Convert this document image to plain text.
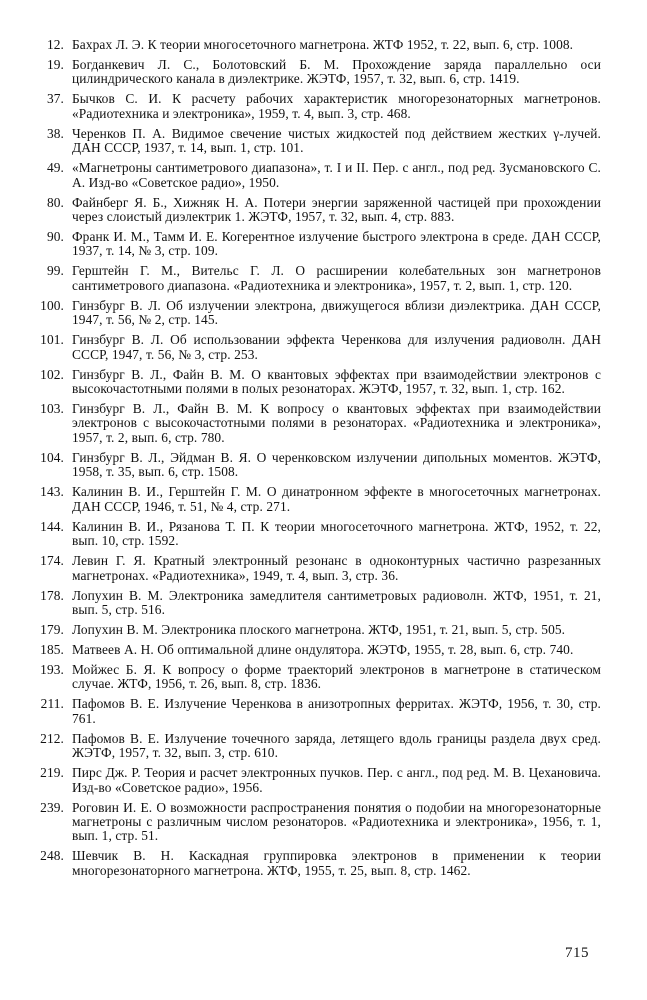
12. Бахрах Л. Э. К теории многосеточного магнетрона. ЖТФ 1952, т. 22, вып. 6, стр. 1008.
19. Богданкевич Л. С., Болотовский Б. М. Прохождение заряда параллельно оси цилиндрического канала в диэлектрике. ЖЭТФ, 1957, т. 32, вып. 6, стр. 1419.
37. Бычков С. И. К расчету рабочих характеристик многорезонаторных магнетронов. «Радиотехника и электроника», 1959, т. 4, вып. 3, стр. 468.
38. Черенков П. А. Видимое свечение чистых жидкостей под действием жестких γ-лучей. ДАН СССР, 1937, т. 14, вып. 1, стр. 101.
49. «Магнетроны сантиметрового диапазона», т. I и II. Пер. с англ., под ред. Зусмановского С. А. Изд-во «Советское радио», 1950.
80. Файнберг Я. Б., Хижняк Н. А. Потери энергии заряженной частицей при прохождении через слоистый диэлектрик 1. ЖЭТФ, 1957, т. 32, вып. 4, стр. 883.
90. Франк И. М., Тамм И. Е. Когерентное излучение быстрого электрона в среде. ДАН СССР, 1937, т. 14, № 3, стр. 109.
99. Герштейн Г. М., Вительс Г. Л. О расширении колебательных зон магнетронов сантиметрового диапазона. «Радиотехника и электроника», 1957, т. 2, вып. 1, стр. 120.
100. Гинзбург В. Л. Об излучении электрона, движущегося вблизи диэлектрика. ДАН СССР, 1947, т. 56, № 2, стр. 145.
101. Гинзбург В. Л. Об использовании эффекта Черенкова для излучения радиоволн. ДАН СССР, 1947, т. 56, № 3, стр. 253.
102. Гинзбург В. Л., Файн В. М. О квантовых эффектах при взаимодействии электронов с высокочастотными полями в полых резонаторах. ЖЭТФ, 1957, т. 32, вып. 1, стр. 162.
103. Гинзбург В. Л., Файн В. М. К вопросу о квантовых эффектах при взаимодействии электронов с высокочастотными полями в резонаторах. «Радиотехника и электроника», 1957, т. 2, вып. 6, стр. 780.
104. Гинзбург В. Л., Эйдман В. Я. О черенковском излучении дипольных моментов. ЖЭТФ, 1958, т. 35, вып. 6, стр. 1508.
143. Калинин В. И., Герштейн Г. М. О динатронном эффекте в многосеточных магнетронах. ДАН СССР, 1946, т. 51, № 4, стр. 271.
144. Калинин В. И., Рязанова Т. П. К теории многосеточного магнетрона. ЖТФ, 1952, т. 22, вып. 10, стр. 1592.
174. Левин Г. Я. Кратный электронный резонанс в одноконтурных частично разрезанных магнетронах. «Радиотехника», 1949, т. 4, вып. 3, стр. 36.
178. Лопухин В. М. Электроника замедлителя сантиметровых радиоволн. ЖТФ, 1951, т. 21, вып. 5, стр. 516.
179. Лопухин В. М. Электроника плоского магнетрона. ЖТФ, 1951, т. 21, вып. 5, стр. 505.
185. Матвеев А. Н. Об оптимальной длине ондулятора. ЖЭТФ, 1955, т. 28, вып. 6, стр. 740.
193. Мойжес Б. Я. К вопросу о форме траекторий электронов в магнетроне в статическом случае. ЖТФ, 1956, т. 26, вып. 8, стр. 1836.
211. Пафомов В. Е. Излучение Черенкова в анизотропных ферритах. ЖЭТФ, 1956, т. 30, стр. 761.
212. Пафомов В. Е. Излучение точечного заряда, летящего вдоль границы раздела двух сред. ЖЭТФ, 1957, т. 32, вып. 3, стр. 610.
219. Пирс Дж. Р. Теория и расчет электронных пучков. Пер. с англ., под ред. М. В. Цехановича. Изд-во «Советское радио», 1956.
239. Роговин И. Е. О возможности распространения понятия о подобии на многорезонаторные магнетроны с различным числом резонаторов. «Радиотехника и электроника», 1956, т. 1, вып. 1, стр. 51.
248. Шевчик В. Н. Каскадная группировка электронов в применении к теории многорезонаторного магнетрона. ЖТФ, 1955, т. 25, вып. 8, стр. 1462.
715
